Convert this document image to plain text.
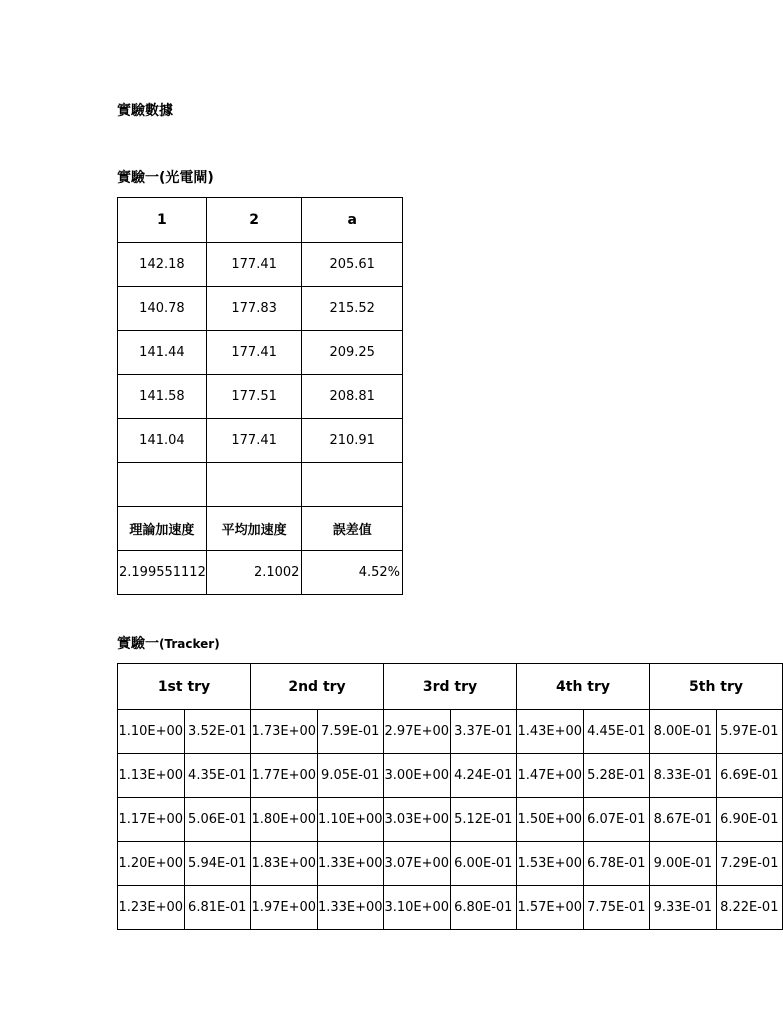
實驗數據
實驗一(光電閘)
1	2	a
142.18	177.41	205.61
140.78	177.83	215.52
141.44	177.41	209.25
141.58	177.51	208.81
141.04	177.41	210.91

理論加速度	平均加速度	誤差值
2.199551112	2.1002	4.52%
實驗一(Tracker)
1st try		2nd try		3rd try		4th try		5th try	
1.10E+00	3.52E-01	1.73E+00	7.59E-01	2.97E+00	3.37E-01	1.43E+00	4.45E-01	8.00E-01	5.97E-01
1.13E+00	4.35E-01	1.77E+00	9.05E-01	3.00E+00	4.24E-01	1.47E+00	5.28E-01	8.33E-01	6.69E-01
1.17E+00	5.06E-01	1.80E+00	1.10E+00	3.03E+00	5.12E-01	1.50E+00	6.07E-01	8.67E-01	6.90E-01
1.20E+00	5.94E-01	1.83E+00	1.33E+00	3.07E+00	6.00E-01	1.53E+00	6.78E-01	9.00E-01	7.29E-01
1.23E+00	6.81E-01	1.97E+00	1.33E+00	3.10E+00	6.80E-01	1.57E+00	7.75E-01	9.33E-01	8.22E-01
